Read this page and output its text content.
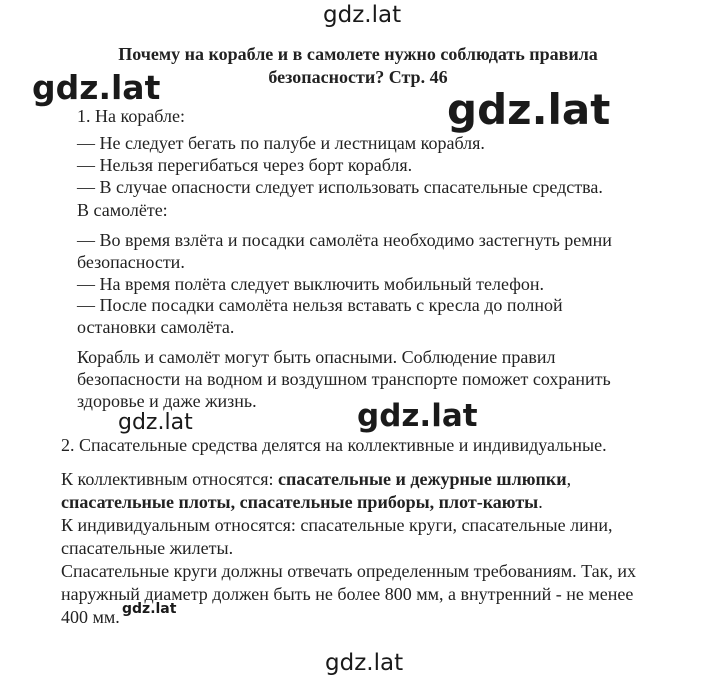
gdz.lat
gdz.lat	gdz.lat
gdz.lat	gdz.lat
gdz.lat
gdz.lat
Почему на корабле и в самолете нужно соблюдать правила
безопасности? Стр. 46

1. На корабле:

— Не следует бегать по палубе и лестницам корабля.

— Нельзя перегибаться через борт корабля.

— В случае опасности следует использовать спасательные средства.

В самолёте:

— Во время взлёта и посадки самолёта необходимо застегнуть ремни

безопасности.

— На время полёта следует выключить мобильный телефон.

— После посадки самолёта нельзя вставать с кресла до полной

остановки самолёта.

Корабль и самолёт могут быть опасными. Соблюдение правил

безопасности на водном и воздушном транспорте поможет сохранить

здоровье и даже жизнь.

2. Спасательные средства делятся на коллективные и индивидуальные.

К коллективным относятся: спасательные и дежурные шлюпки,

спасательные плоты, спасательные приборы, плот-каюты.

К индивидуальным относятся: спасательные круги, спасательные лини,

спасательные жилеты.

Спасательные круги должны отвечать определенным требованиям. Так, их

наружный диаметр должен быть не более 800 мм, а внутренний - не менее

400 мм.
